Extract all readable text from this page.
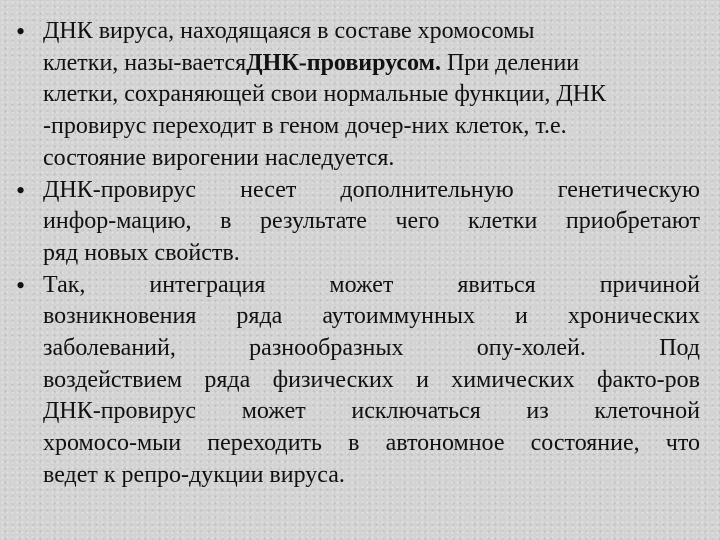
• ДНК вируса, находящаяся в составе хромосомы
клетки, назы-ваетсяДНК-провирусом. При делении
клетки, сохраняющей свои нормальные функции, ДНК
-провирус переходит в геном дочер-них клеток, т.е.
состояние вирогении наследуется.
• ДНК-провирус несет дополнительную генетическую
инфор-мацию, в результате чего клетки приобретают
ряд новых свойств.
• Так, интеграция может явиться причиной
возникновения ряда аутоиммунных и хронических
заболеваний, разнообразных опу-холей. Под
воздействием ряда физических и химических факто-ров
ДНК-провирус может исключаться из клеточной
хромосо-мыи переходить в автономное состояние, что
ведет к репро-дукции вируса.
